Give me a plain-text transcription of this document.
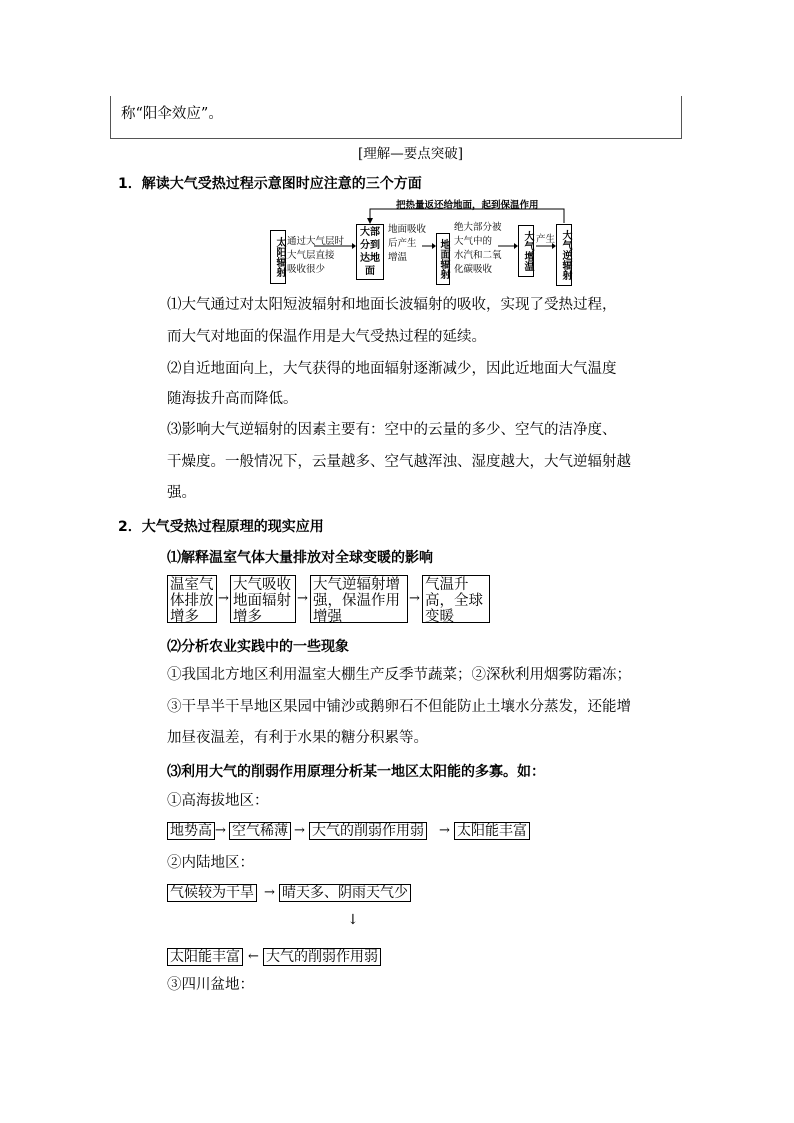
称“阳伞效应”。
[理解—要点突破]
1．解读大气受热过程示意图时应注意的三个方面
把热量返还给地面，起到保温作用
太阳辐射 通过大气层时
大气层直接
吸收很少
大部分到达地面
地面吸收
后产生
增温	地面辐射
绝大部分被
大气中的
水汽和二氧
化碳吸收	大气增温 产生 大气逆辐射
⑴大气通过对太阳短波辐射和地面长波辐射的吸收，实现了受热过程，
而大气对地面的保温作用是大气受热过程的延续。
⑵自近地面向上，大气获得的地面辐射逐渐减少，因此近地面大气温度
随海拔升高而降低。
⑶影响大气逆辐射的因素主要有：空中的云量的多少、空气的洁净度、
干燥度。一般情况下，云量越多、空气越浑浊、湿度越大，大气逆辐射越
强。
2．大气受热过程原理的现实应用
⑴解释温室气体大量排放对全球变暖的影响
温室气
体排放
增多
→
大气吸收
地面辐射
增多
→
大气逆辐射增
强，保温作用
增强
→
气温升
高，全球
变暖
⑵分析农业实践中的一些现象
①我国北方地区利用温室大棚生产反季节蔬菜；②深秋利用烟雾防霜冻；
③干旱半干旱地区果园中铺沙或鹅卵石不但能防止土壤水分蒸发，还能增
加昼夜温差，有利于水果的糖分积累等。
⑶利用大气的削弱作用原理分析某一地区太阳能的多寡。如：
①高海拔地区：
地势高 → 空气稀薄 → 大气的削弱作用弱 → 太阳能丰富
②内陆地区：
气候较为干旱 → 晴天多、阴雨天气少
↓
太阳能丰富 ← 大气的削弱作用弱
③四川盆地：
